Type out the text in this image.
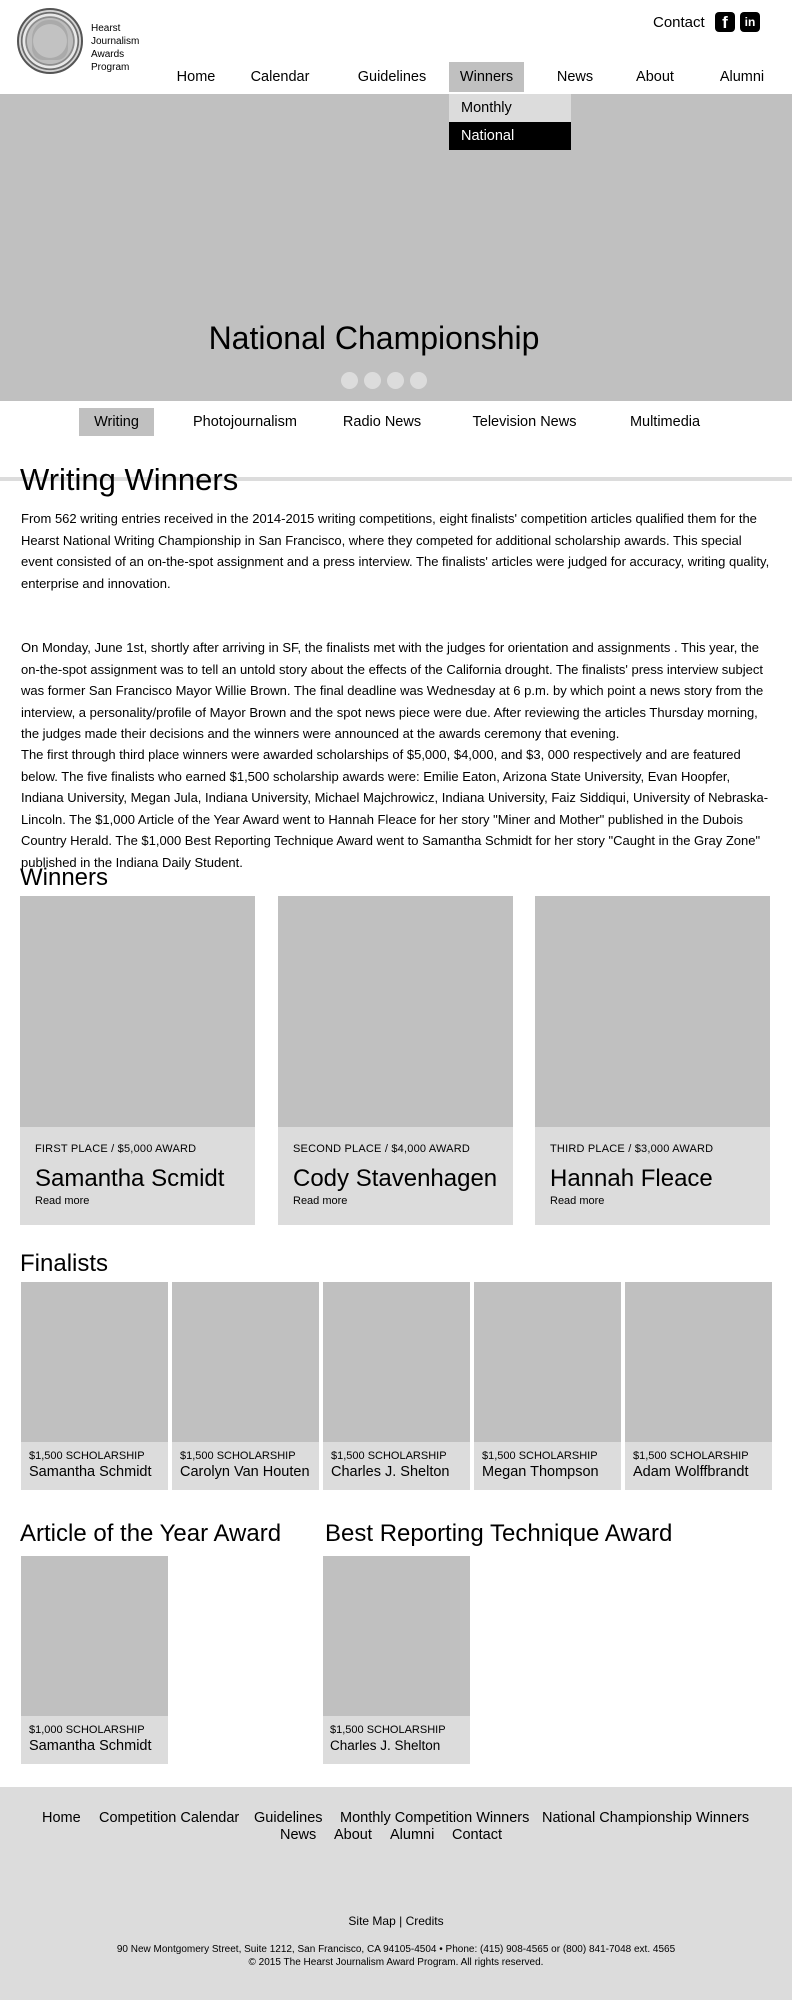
Hearst
Journalism
Awards
Program
Contact	f	in
Home	Calendar	Guidelines	Winners	News	About	Alumni
National Championship
Monthly
National
Writing	Photojournalism	Radio News	Television News	Multimedia
Writing Winners
From 562 writing entries received in the 2014-2015 writing competitions, eight finalists' competition articles qualified them for the Hearst National Writing Championship in San Francisco, where they competed for additional scholarship awards. This special event consisted of an on-the-spot assignment and a press interview. The finalists' articles were judged for accuracy, writing quality, enterprise and innovation.
On Monday, June 1st, shortly after arriving in SF, the finalists met with the judges for orientation and assignments . This year, the on-the-spot assignment was to tell an untold story about the effects of the California drought. The finalists' press interview subject was former San Francisco Mayor Willie Brown. The final deadline was Wednesday at 6 p.m. by which point a news story from the interview, a personality/profile of Mayor Brown and the spot news piece were due. After reviewing the articles Thursday morning, the judges made their decisions and the winners were announced at the awards ceremony that evening.
The first through third place winners were awarded scholarships of $5,000, $4,000, and $3, 000 respectively and are featured below. The five finalists who earned $1,500 scholarship awards were: Emilie Eaton, Arizona State University, Evan Hoopfer, Indiana University, Megan Jula, Indiana University, Michael Majchrowicz, Indiana University, Faiz Siddiqui, University of Nebraska-Lincoln. The $1,000 Article of the Year Award went to Hannah Fleace for her story "Miner and Mother" published in the Dubois Country Herald. The $1,000 Best Reporting Technique Award went to Samantha Schmidt for her story "Caught in the Gray Zone" published in the Indiana Daily Student.
Winners
FIRST PLACE / $5,000 AWARD
Samantha Scmidt
Read more
SECOND PLACE / $4,000 AWARD
Cody Stavenhagen
Read more
THIRD PLACE / $3,000 AWARD
Hannah Fleace
Read more
Finalists
$1,500 SCHOLARSHIP
Samantha Schmidt
$1,500 SCHOLARSHIP
Carolyn Van Houten
$1,500 SCHOLARSHIP
Charles J. Shelton
$1,500 SCHOLARSHIP
Megan Thompson
$1,500 SCHOLARSHIP
Adam Wolffbrandt
Article of the Year Award
$1,000 SCHOLARSHIP
Samantha Schmidt
Best Reporting Technique Award
$1,500 SCHOLARSHIP
Charles J. Shelton
Home Competition Calendar Guidelines Monthly Competition Winners National Championship Winners
News About Alumni Contact
Site Map | Credits
90 New Montgomery Street, Suite 1212, San Francisco, CA 94105-4504 • Phone: (415) 908-4565 or (800) 841-7048 ext. 4565
© 2015 The Hearst Journalism Award Program. All rights reserved.
